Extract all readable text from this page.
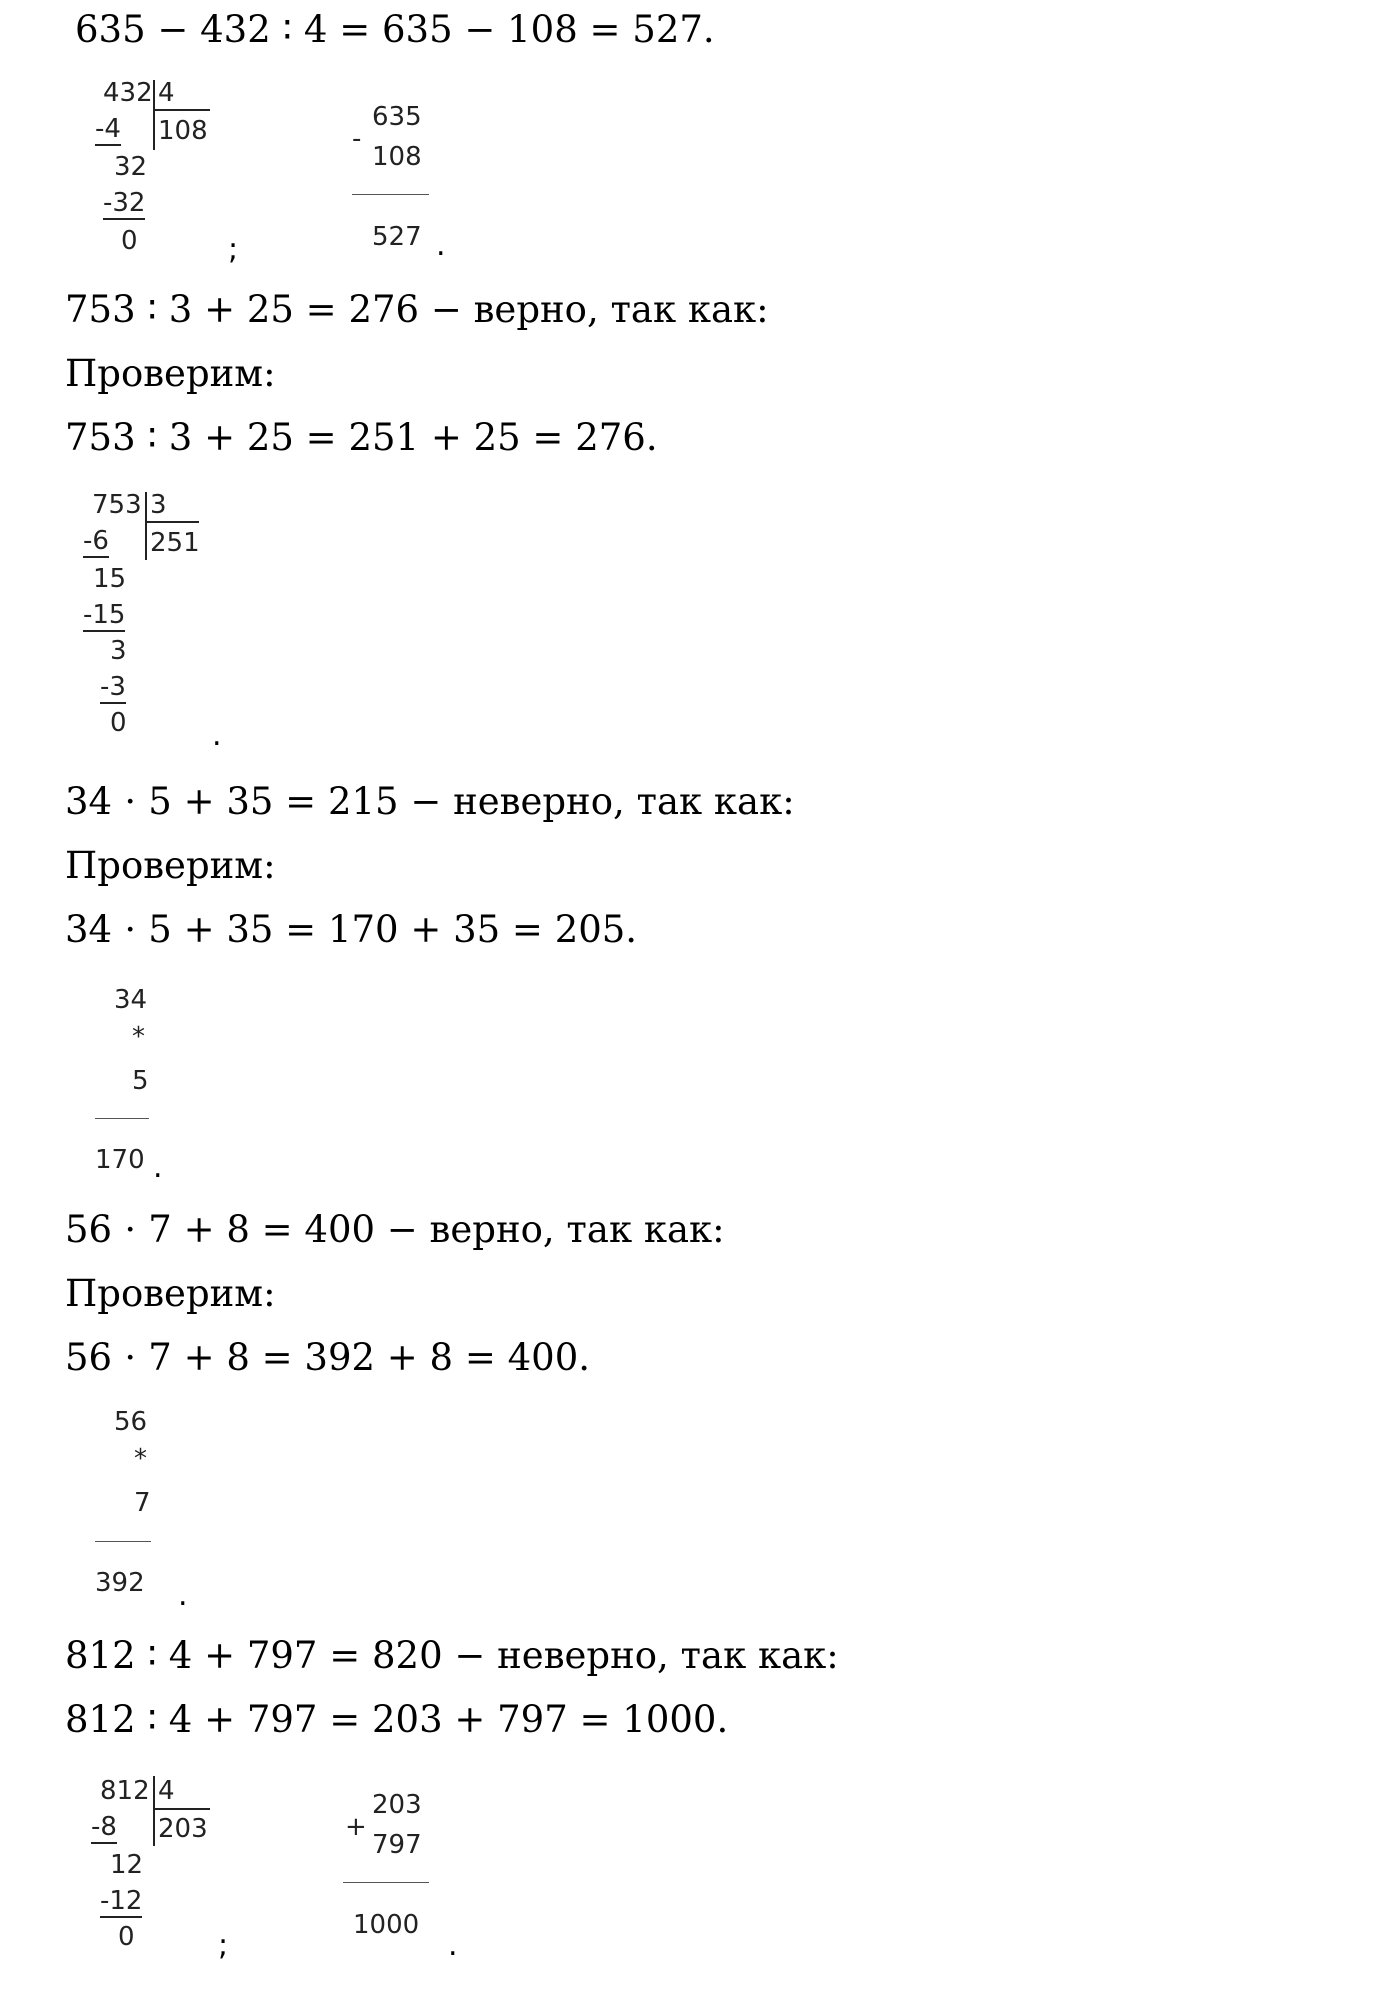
635 − 432 ∶ 4 = 635 − 108 = 527.
432 4
108
-4
32
-32
0	;
-
635
108
527 .
753 ∶ 3 + 25 = 276 − верно, так как:
Проверим:
753 ∶ 3 + 25 = 251 + 25 = 276.
753 3
251
-6
15
-15
3
-3
0	.
34 ⋅ 5 + 35 = 215 − неверно, так как:
Проверим:
34 ⋅ 5 + 35 = 170 + 35 = 205.
34
*
5
170 .
56 ⋅ 7 + 8 = 400 − верно, так как:
Проверим:
56 ⋅ 7 + 8 = 392 + 8 = 400.
56
*
7
392 .
812 ∶ 4 + 797 = 820 − неверно, так как:
812 ∶ 4 + 797 = 203 + 797 = 1000.
812 4
203
-8
12
-12
0	;
+
203
797
1000
.
